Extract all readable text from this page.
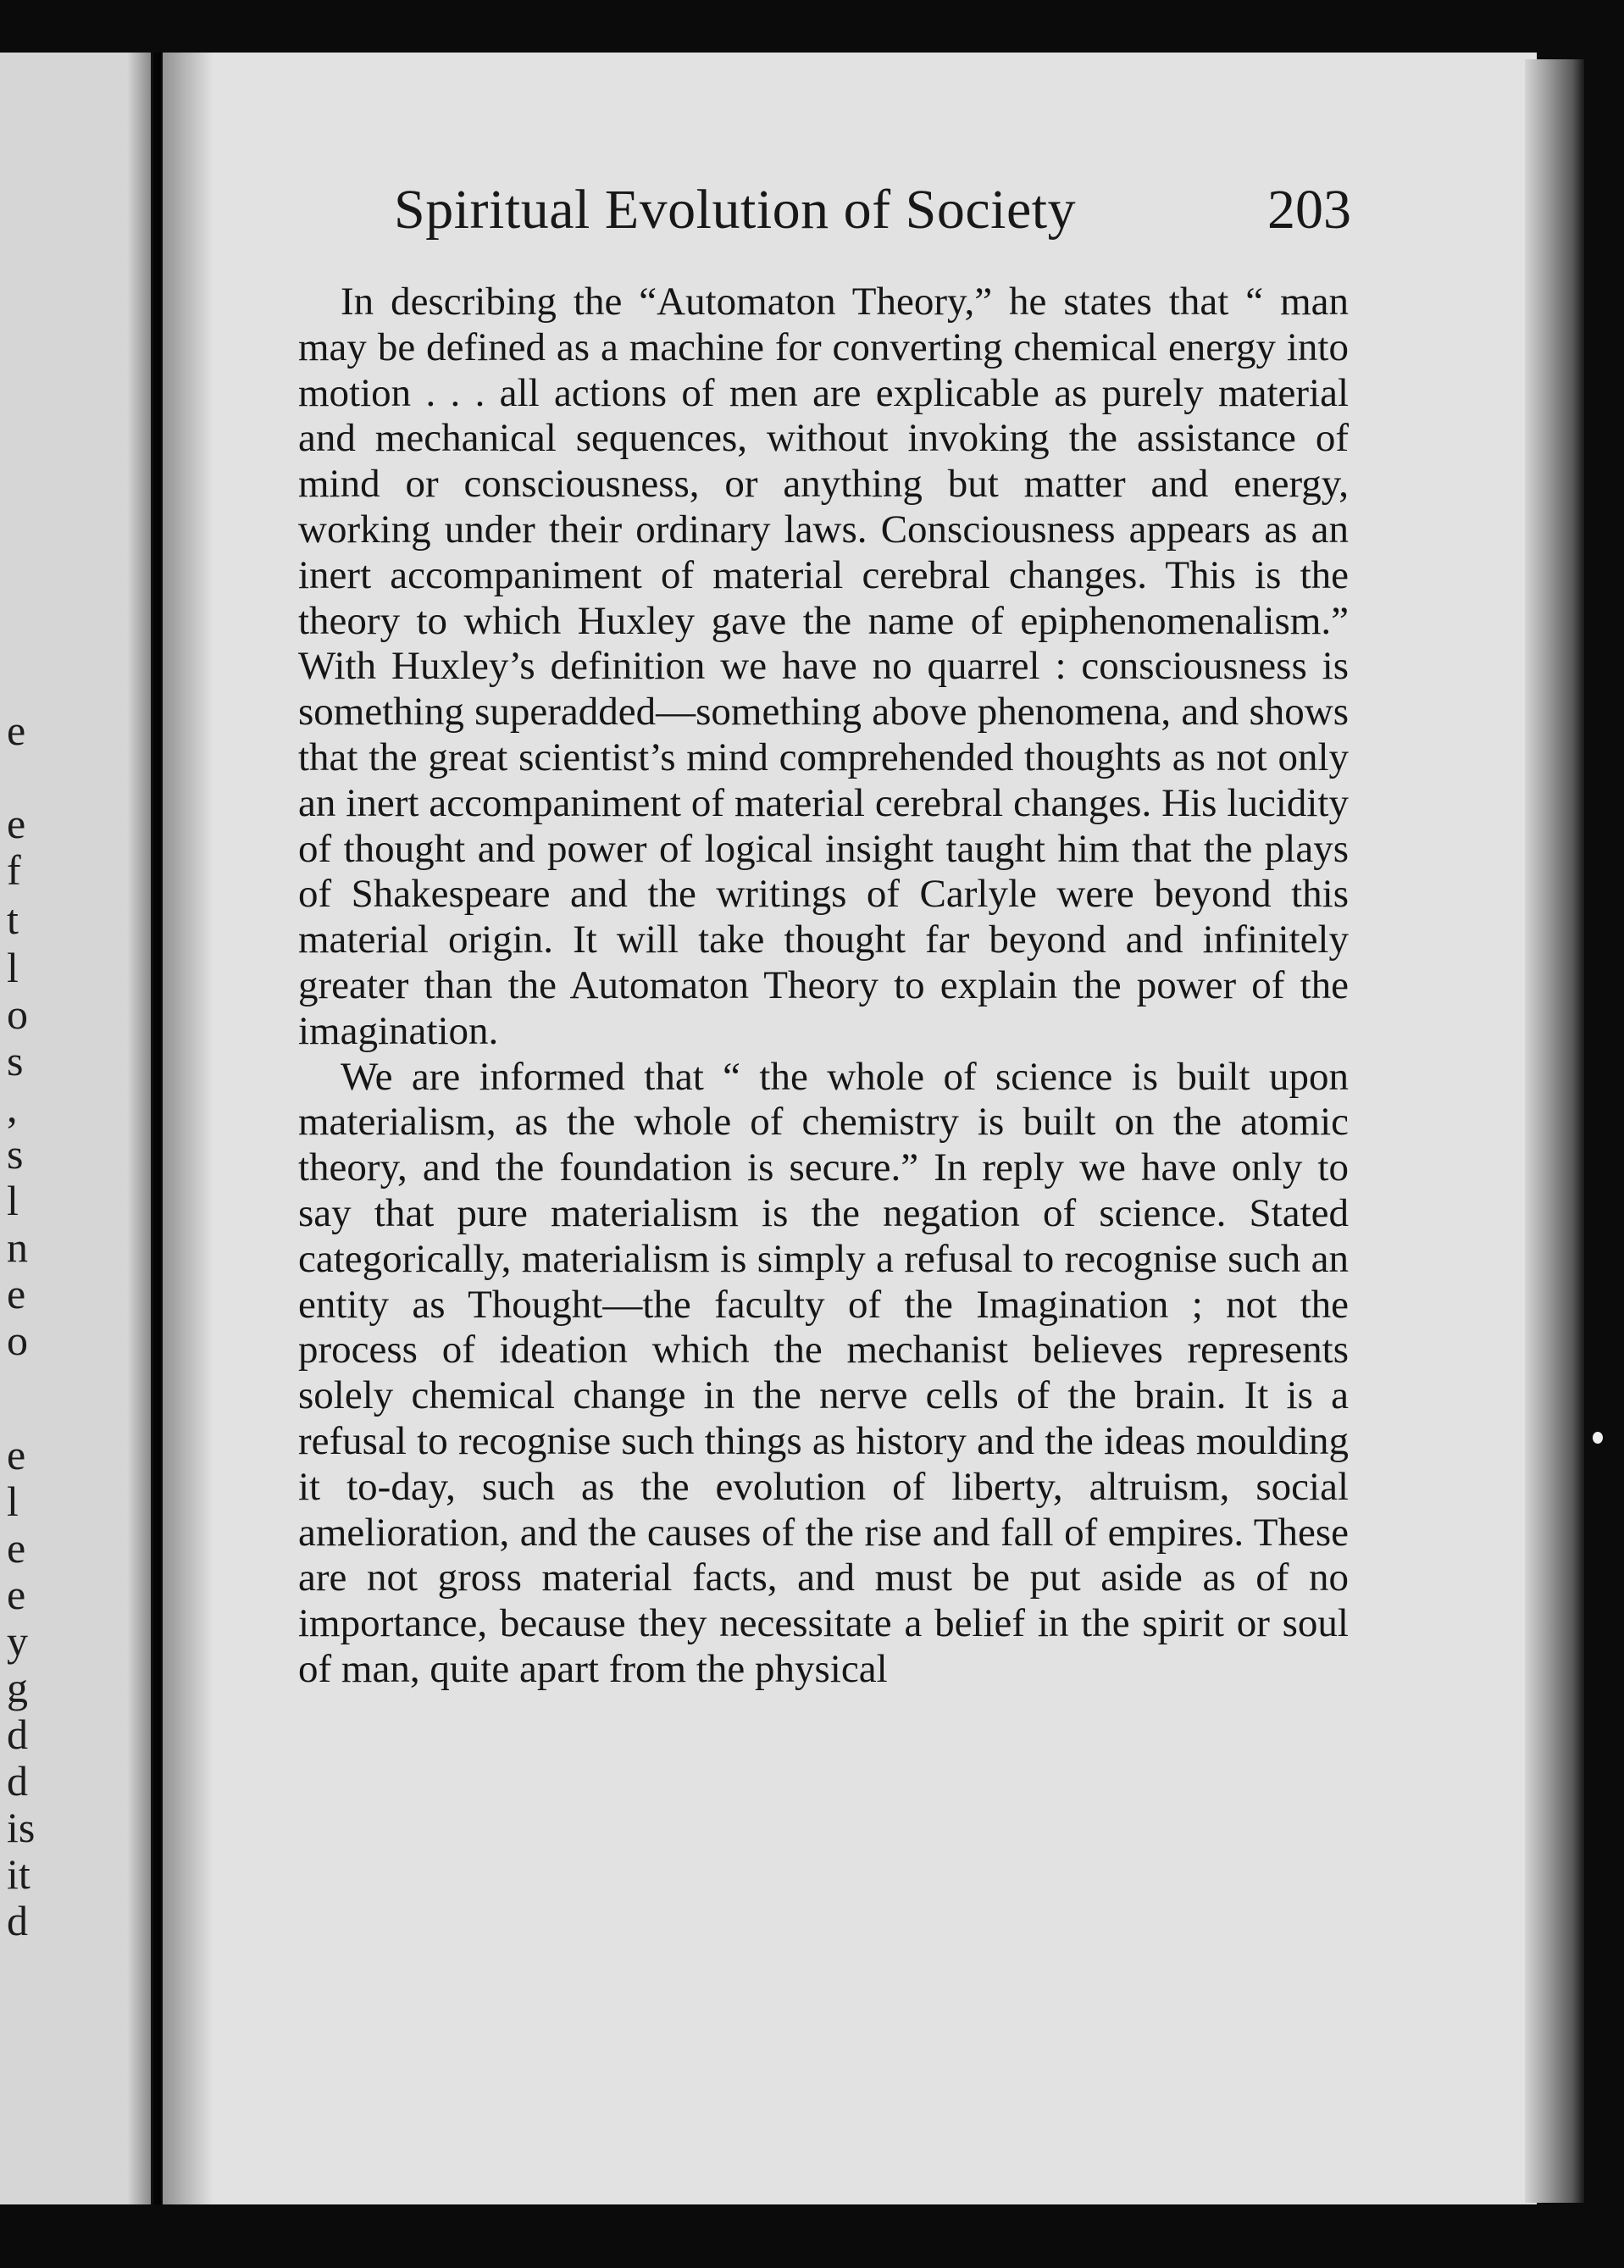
e
e
f
t
l
o
s
,
s
l
n
e
o
e
l
e
e
y
g
d
d
is
it
d
Spiritual Evolution of Society	203

In describing the “Automaton Theory,” he states that “ man may be defined as a machine for converting chemical energy into motion . . . all actions of men are explicable as purely material and mechanical sequences, without invoking the assistance of mind or consciousness, or anything but matter and energy, working under their ordinary laws. Consciousness appears as an inert accompaniment of material cerebral changes. This is the theory to which Huxley gave the name of epiphenomenalism.” With Huxley’s definition we have no quarrel : consciousness is something superadded—something above phenomena, and shows that the great scientist’s mind comprehended thoughts as not only an inert accompaniment of material cerebral changes. His lucidity of thought and power of logical insight taught him that the plays of Shakespeare and the writings of Carlyle were beyond this material origin. It will take thought far beyond and infinitely greater than the Automaton Theory to explain the power of the imagination.

We are informed that “ the whole of science is built upon materialism, as the whole of chemistry is built on the atomic theory, and the foundation is secure.” In reply we have only to say that pure materialism is the negation of science. Stated categorically, materialism is simply a refusal to recognise such an entity as Thought—the faculty of the Imagination ; not the process of ideation which the mechanist believes represents solely chemical change in the nerve cells of the brain. It is a refusal to recognise such things as history and the ideas moulding it to-day, such as the evolution of liberty, altruism, social amelioration, and the causes of the rise and fall of empires. These are not gross material facts, and must be put aside as of no importance, because they necessitate a belief in the spirit or soul of man, quite apart from the physical
